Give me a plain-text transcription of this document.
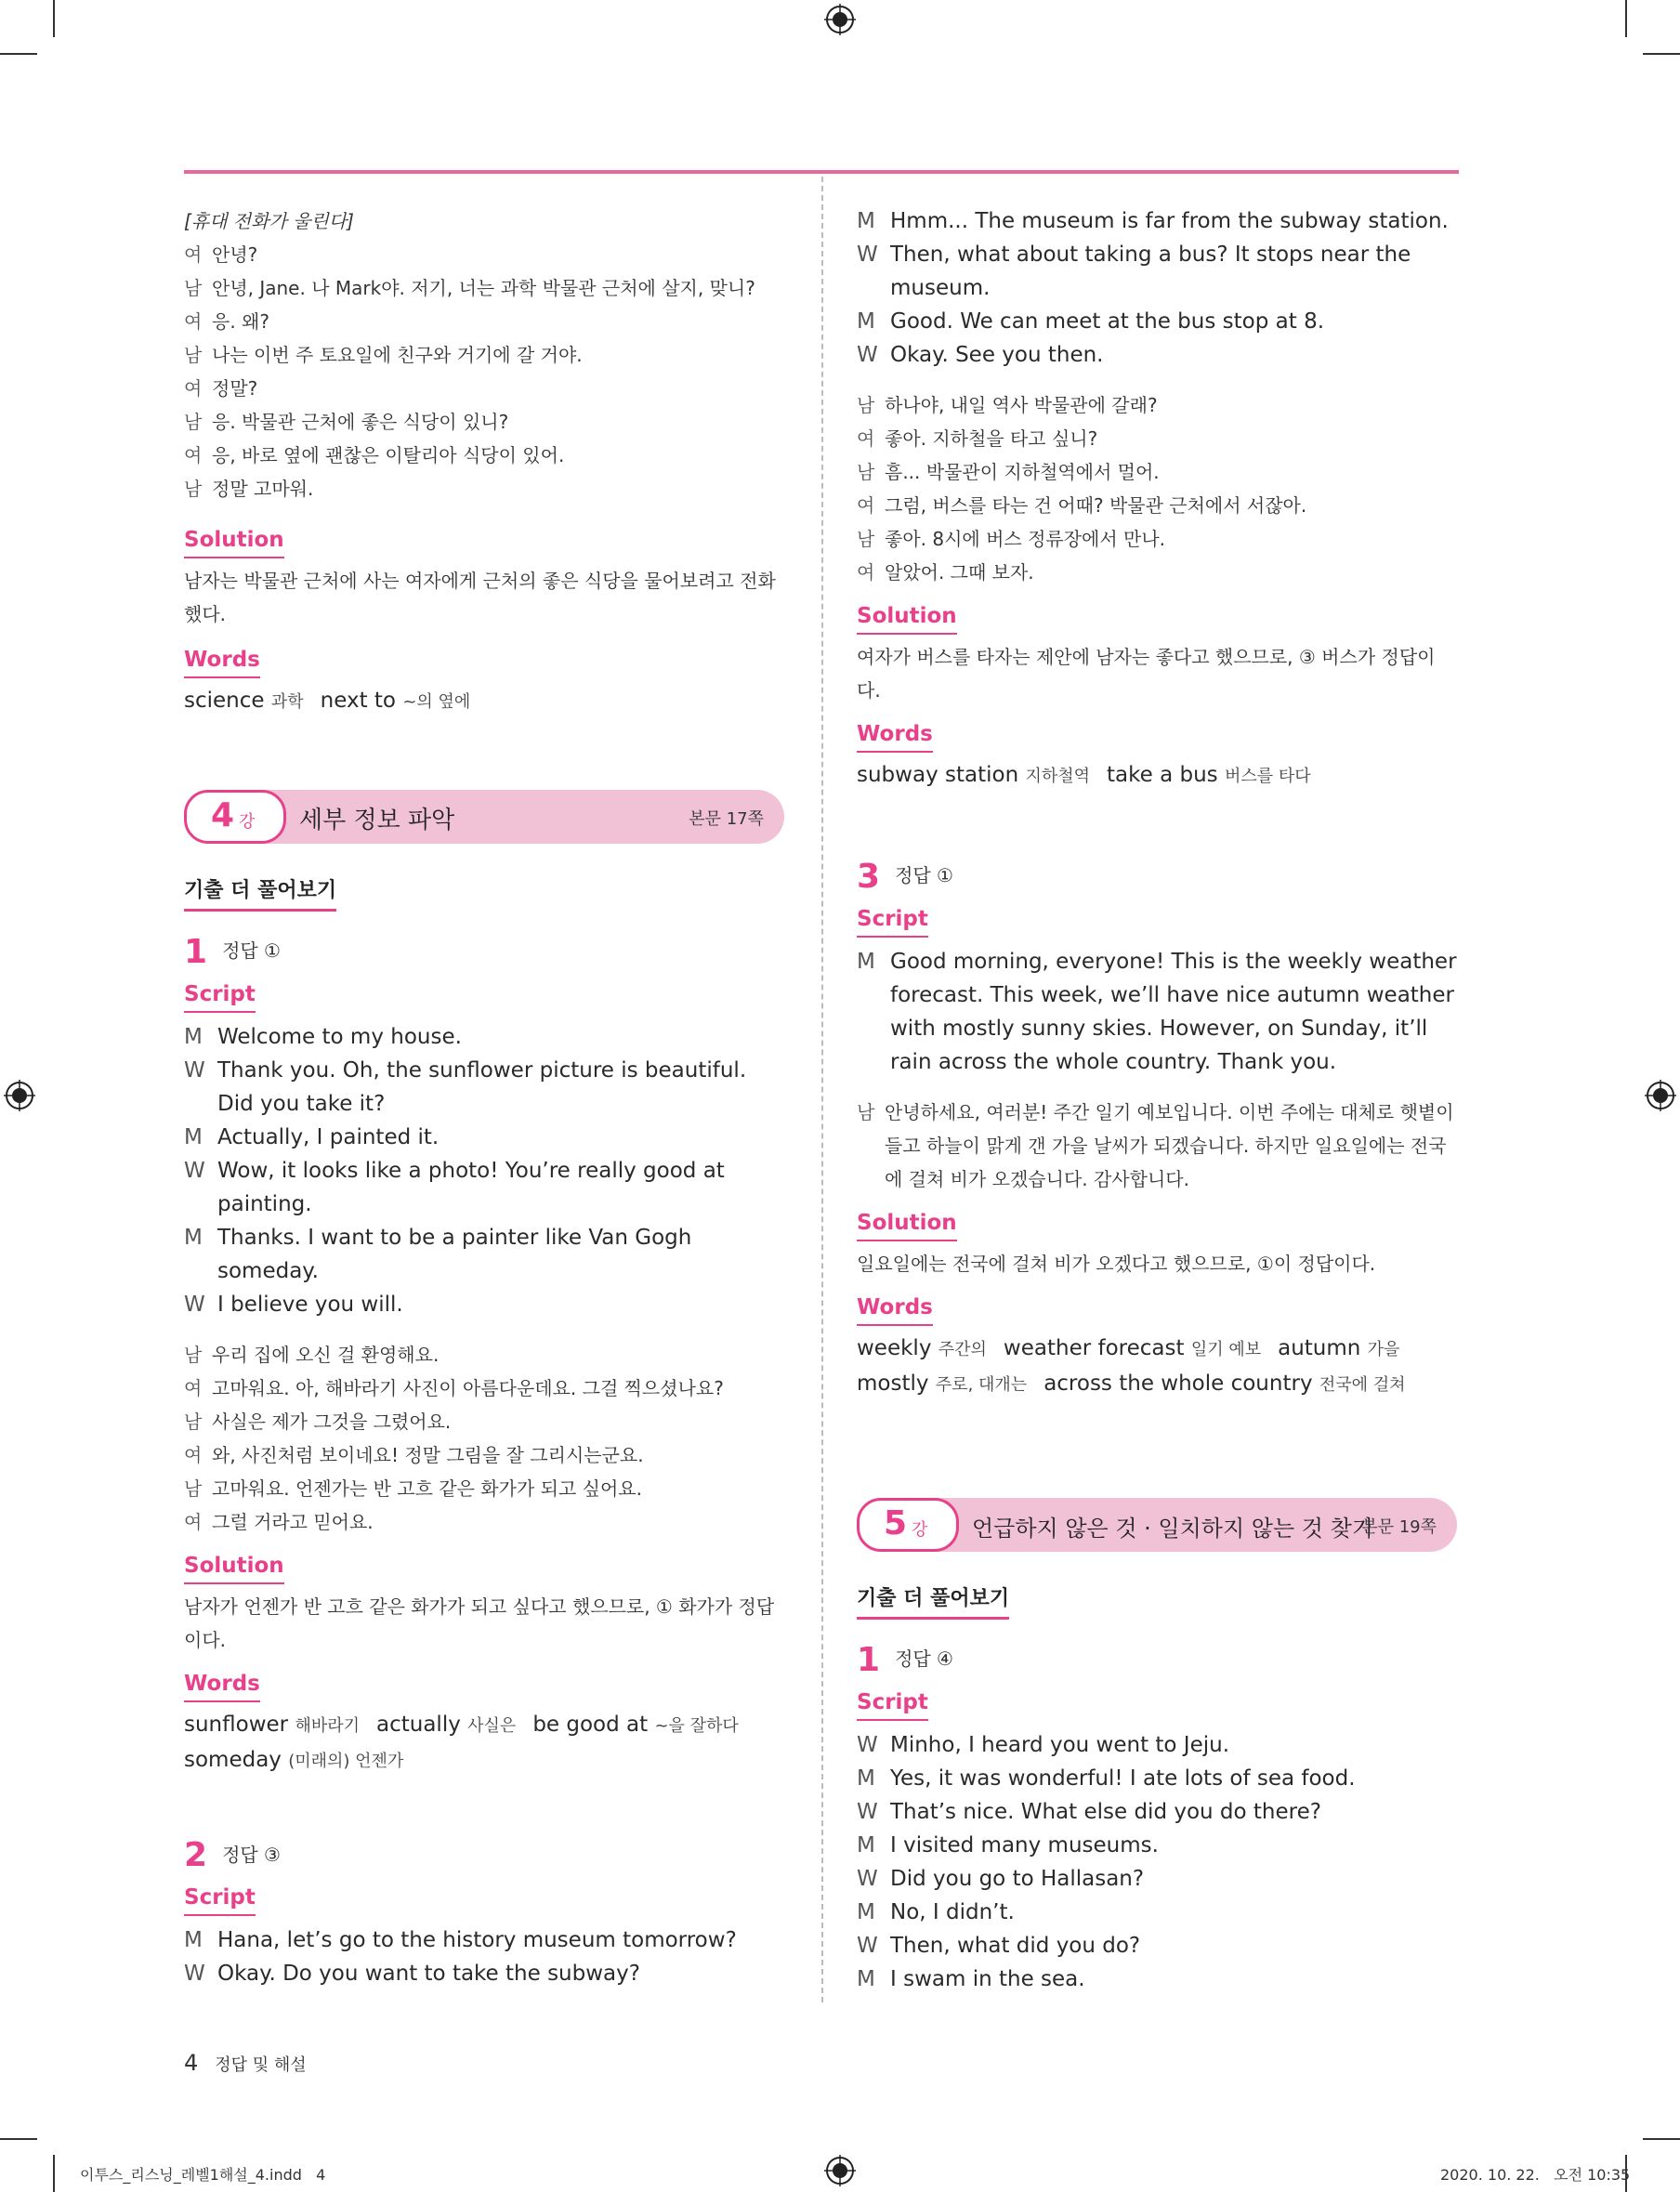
[휴대 전화가 울린다]
여 안녕?
남 안녕, Jane. 나 Mark야. 저기, 너는 과학 박물관 근처에 살지, 맞니?
여 응. 왜?
남 나는 이번 주 토요일에 친구와 거기에 갈 거야.
여 정말?
남 응. 박물관 근처에 좋은 식당이 있니?
여 응, 바로 옆에 괜찮은 이탈리아 식당이 있어.
남 정말 고마워.
Solution
남자는 박물관 근처에 사는 여자에게 근처의 좋은 식당을 물어보려고 전화
했다.
Words
science 과학 next to ~의 옆에
4 강 세부 정보 파악	본문 17쪽
기출 더 풀어보기
1 정답 ①
Script
M Welcome to my house.
W Thank you. Oh, the sunflower picture is beautiful. Did you take it?
M Actually, I painted it.
W Wow, it looks like a photo! You’re really good at painting.
M Thanks. I want to be a painter like Van Gogh someday.
W I believe you will.
남 우리 집에 오신 걸 환영해요.
여 고마워요. 아, 해바라기 사진이 아름다운데요. 그걸 찍으셨나요?
남 사실은 제가 그것을 그렸어요.
여 와, 사진처럼 보이네요! 정말 그림을 잘 그리시는군요.
남 고마워요. 언젠가는 반 고흐 같은 화가가 되고 싶어요.
여 그럴 거라고 믿어요.
Solution
남자가 언젠가 반 고흐 같은 화가가 되고 싶다고 했으므로, ① 화가가 정답
이다.
Words
sunflower 해바라기 actually 사실은 be good at ~을 잘하다
someday (미래의) 언젠가
2 정답 ③
Script
M Hana, let’s go to the history museum tomorrow?
W Okay. Do you want to take the subway?
M Hmm... The museum is far from the subway station.
W Then, what about taking a bus? It stops near the museum.
M Good. We can meet at the bus stop at 8.
W Okay. See you then.
남 하나야, 내일 역사 박물관에 갈래?
여 좋아. 지하철을 타고 싶니?
남 흠... 박물관이 지하철역에서 멀어.
여 그럼, 버스를 타는 건 어때? 박물관 근처에서 서잖아.
남 좋아. 8시에 버스 정류장에서 만나.
여 알았어. 그때 보자.
Solution
여자가 버스를 타자는 제안에 남자는 좋다고 했으므로, ③ 버스가 정답이다.
Words
subway station 지하철역 take a bus 버스를 타다
3 정답 ①
Script
M Good morning, everyone! This is the weekly weather forecast. This week, we’ll have nice autumn weather with mostly sunny skies. However, on Sunday, it’ll rain across the whole country. Thank you.
남 안녕하세요, 여러분! 주간 일기 예보입니다. 이번 주에는 대체로 햇볕이 들고 하늘이 맑게 갠 가을 날씨가 되겠습니다. 하지만 일요일에는 전국에 걸쳐 비가 오겠습니다. 감사합니다.
Solution
일요일에는 전국에 걸쳐 비가 오겠다고 했으므로, ①이 정답이다.
Words
weekly 주간의 weather forecast 일기 예보 autumn 가을
mostly 주로, 대개는 across the whole country 전국에 걸쳐
5 강 언급하지 않은 것 · 일치하지 않는 것 찾기
본문 19쪽
기출 더 풀어보기
1 정답 ④
Script
W Minho, I heard you went to Jeju.
M Yes, it was wonderful! I ate lots of sea food.
W That’s nice. What else did you do there?
M I visited many museums.
W Did you go to Hallasan?
M No, I didn’t.
W Then, what did you do?
M I swam in the sea.
4 정답 및 해설
이투스_리스닝_레벨1해설_4.indd   4	2020. 10. 22.   오전 10:35
